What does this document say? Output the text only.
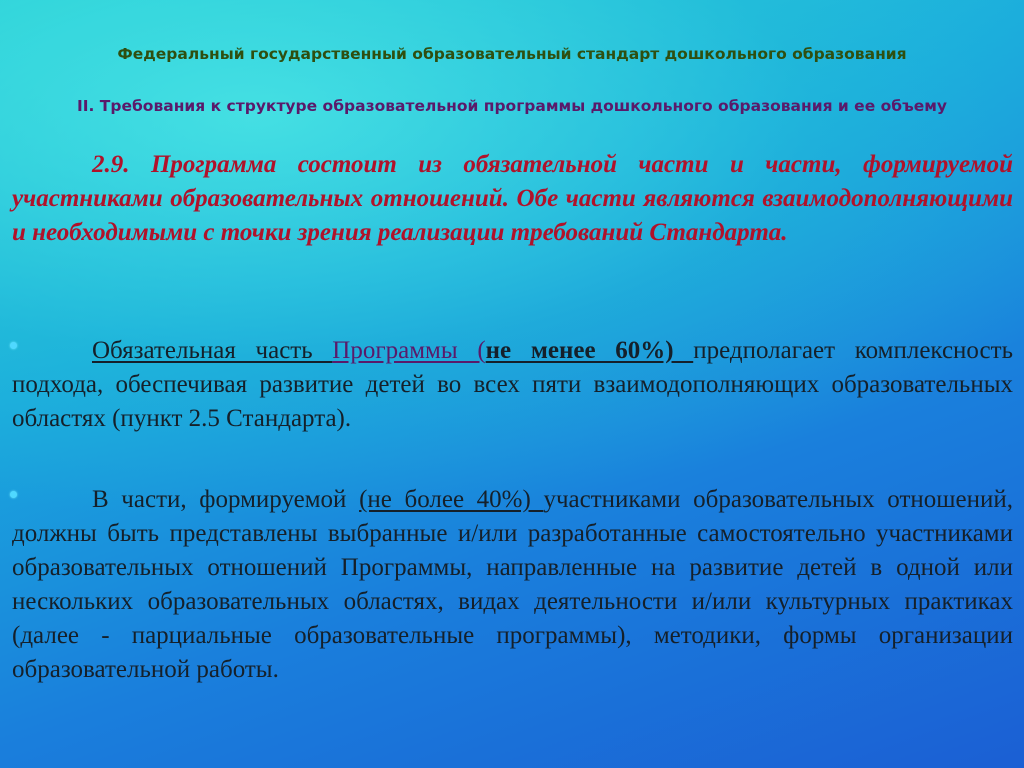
Федеральный государственный образовательный стандарт дошкольного образования
II. Требования к структуре образовательной программы дошкольного образования и ее объему
2.9. Программа состоит из обязательной части и части, формируемой участниками образовательных отношений. Обе части являются взаимодополняющими и необходимыми с точки зрения реализации требований Стандарта.
Обязательная часть Программы (не менее 60%) предполагает комплексность подхода, обеспечивая развитие детей во всех пяти взаимодополняющих образовательных областях (пункт 2.5 Стандарта).
В части, формируемой (не более 40%) участниками образовательных отношений, должны быть представлены выбранные и/или разработанные самостоятельно участниками образовательных отношений Программы, направленные на развитие детей в одной или нескольких образовательных областях, видах деятельности и/или культурных практиках (далее - парциальные образовательные программы), методики, формы организации образовательной работы.
